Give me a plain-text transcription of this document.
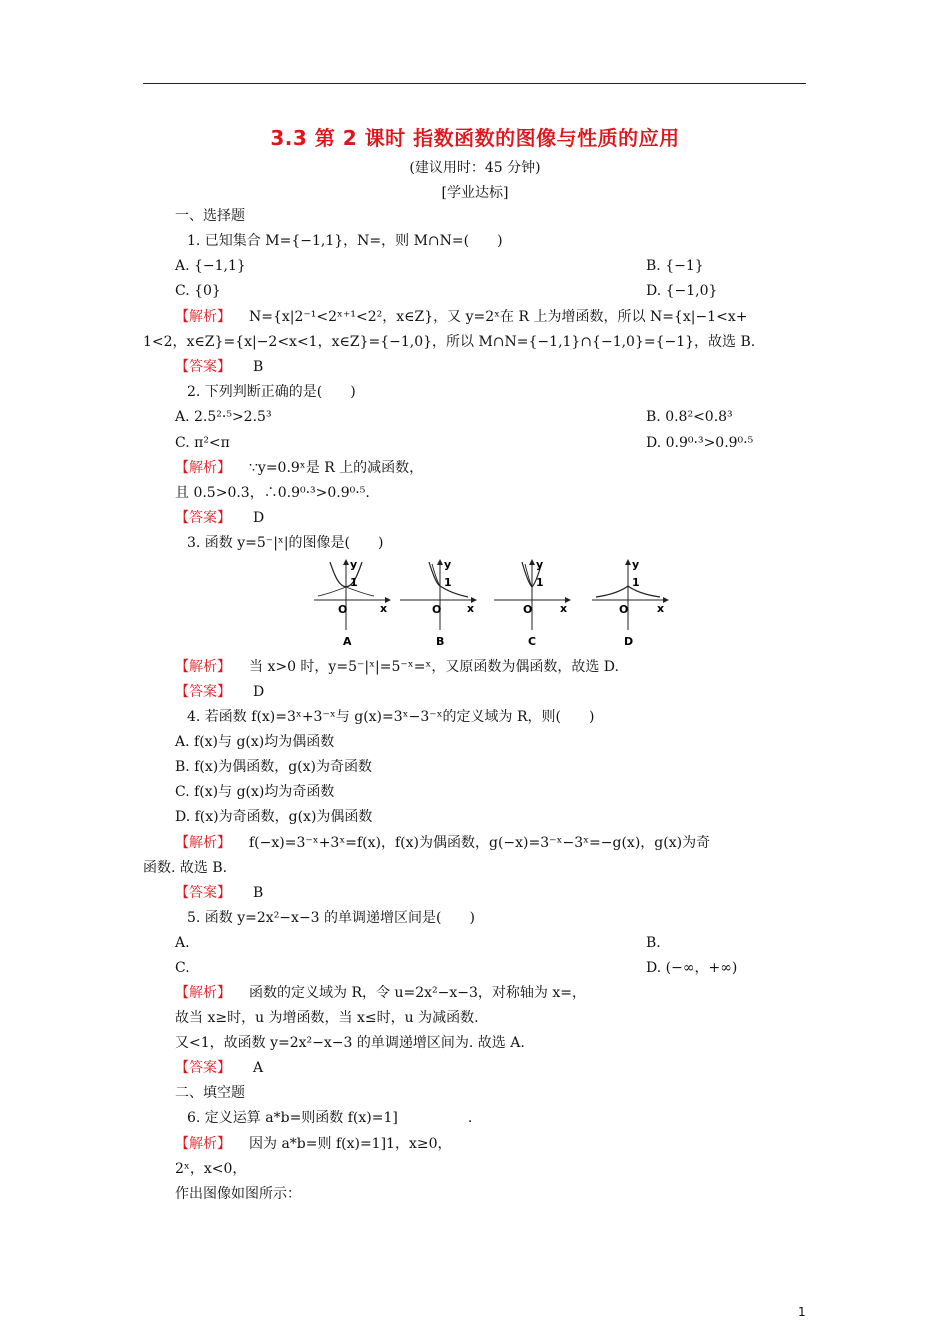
3.3 第 2 课时 指数函数的图像与性质的应用
(建议用时：45 分钟)
[学业达标]
一、选择题
1. 已知集合 M={−1,1}，N=，则 M∩N=(　　)
A. {−1,1}	B. {−1}
C. {0}	D. {−1,0}
【解析】 N={x|2⁻¹<2ˣ⁺¹<2²，x∈Z}，又 y=2ˣ在 R 上为增函数，所以 N={x|−1<x+
1<2，x∈Z}={x|−2<x<1，x∈Z}={−1,0}，所以 M∩N={−1,1}∩{−1,0}={−1}，故选 B.
【答案】 B
2. 下列判断正确的是(　　)
A. 2.5²·⁵>2.5³	B. 0.8²<0.8³
C. π²<π	D. 0.9⁰·³>0.9⁰·⁵
【解析】 ∵y=0.9ˣ是 R 上的减函数，
且 0.5>0.3，∴0.9⁰·³>0.9⁰·⁵.
【答案】 D
3. 函数 y=5⁻|ˣ|的图像是(　　)
y
1
O	x
A
y
1
O x
B
y
1
O	x
C
y
1
O	x
D
【解析】 当 x>0 时，y=5⁻|ˣ|=5⁻ˣ=ˣ，又原函数为偶函数，故选 D.
【答案】 D
4. 若函数 f(x)=3ˣ+3⁻ˣ与 g(x)=3ˣ−3⁻ˣ的定义域为 R，则(　　)
A. f(x)与 g(x)均为偶函数
B. f(x)为偶函数，g(x)为奇函数
C. f(x)与 g(x)均为奇函数
D. f(x)为奇函数，g(x)为偶函数
【解析】 f(−x)=3⁻ˣ+3ˣ=f(x)，f(x)为偶函数，g(−x)=3⁻ˣ−3ˣ=−g(x)，g(x)为奇
函数. 故选 B.
【答案】 B
5. 函数 y=2x²−x−3 的单调递增区间是(　　)
A.	B.
C.	D. (−∞，+∞)
【解析】 函数的定义域为 R，令 u=2x²−x−3，对称轴为 x=，
故当 x≥时，u 为增函数，当 x≤时，u 为减函数.
又<1，故函数 y=2x²−x−3 的单调递增区间为. 故选 A.
【答案】 A
二、填空题
6. 定义运算 a*b=则函数 f(x)=1]　　　　　.
【解析】 因为 a*b=则 f(x)=1]1，x≥0，
2ˣ，x<0，
作出图像如图所示：
1
